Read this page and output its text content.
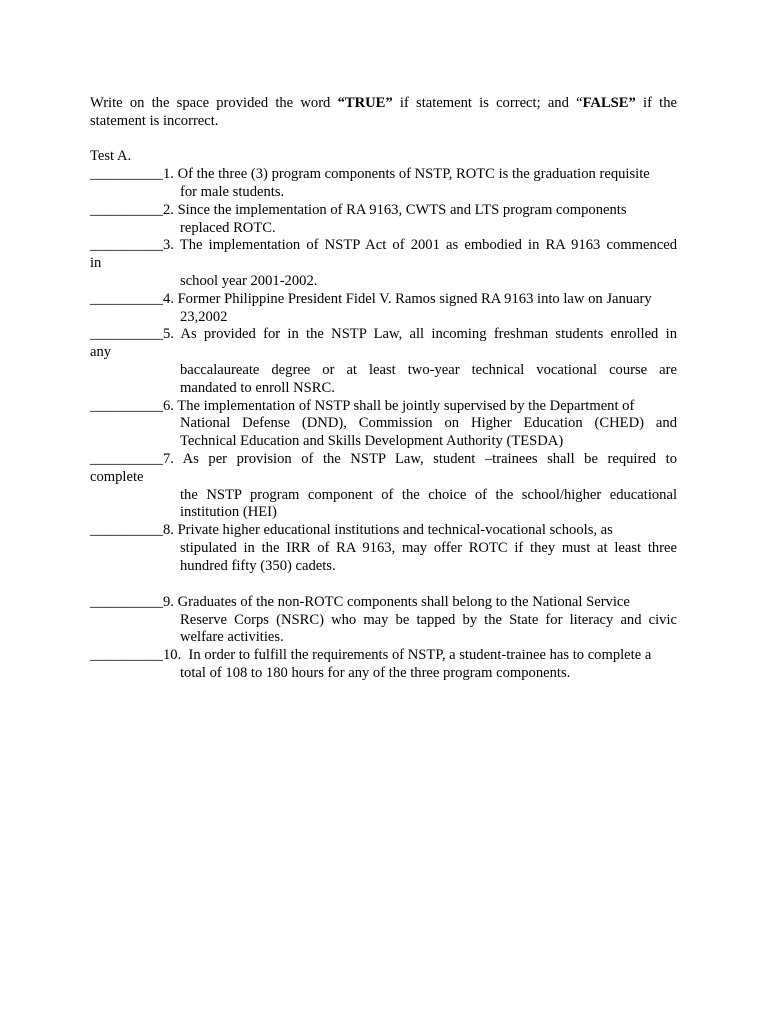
Write on the space provided the word “TRUE” if statement is correct; and “FALSE” if the
statement is incorrect.
Test A.
__________1. Of the three (3) program components of NSTP, ROTC is the graduation requisite
for male students.
__________2. Since the implementation of RA 9163, CWTS and LTS program components
replaced ROTC.
__________3. The implementation of NSTP Act of 2001 as embodied in RA 9163 commenced
in
school year 2001-2002.
__________4. Former Philippine President Fidel V. Ramos signed RA 9163 into law on January
23,2002
__________5. As provided for in the NSTP Law, all incoming freshman students enrolled in
any
baccalaureate degree or at least two-year technical vocational course are
mandated to enroll NSRC.
__________6. The implementation of NSTP shall be jointly supervised by the Department of
National Defense (DND), Commission on Higher Education (CHED) and
Technical Education and Skills Development Authority (TESDA)
__________7. As per provision of the NSTP Law, student –trainees shall be required to
complete
the NSTP program component of the choice of the school/higher educational
institution (HEI)
__________8. Private higher educational institutions and technical-vocational schools, as
stipulated in the IRR of RA 9163, may offer ROTC if they must at least three
hundred fifty (350) cadets.
__________9. Graduates of the non-ROTC components shall belong to the National Service
Reserve Corps (NSRC) who may be tapped by the State for literacy and civic
welfare activities.
__________10.  In order to fulfill the requirements of NSTP, a student-trainee has to complete a
total of 108 to 180 hours for any of the three program components.
